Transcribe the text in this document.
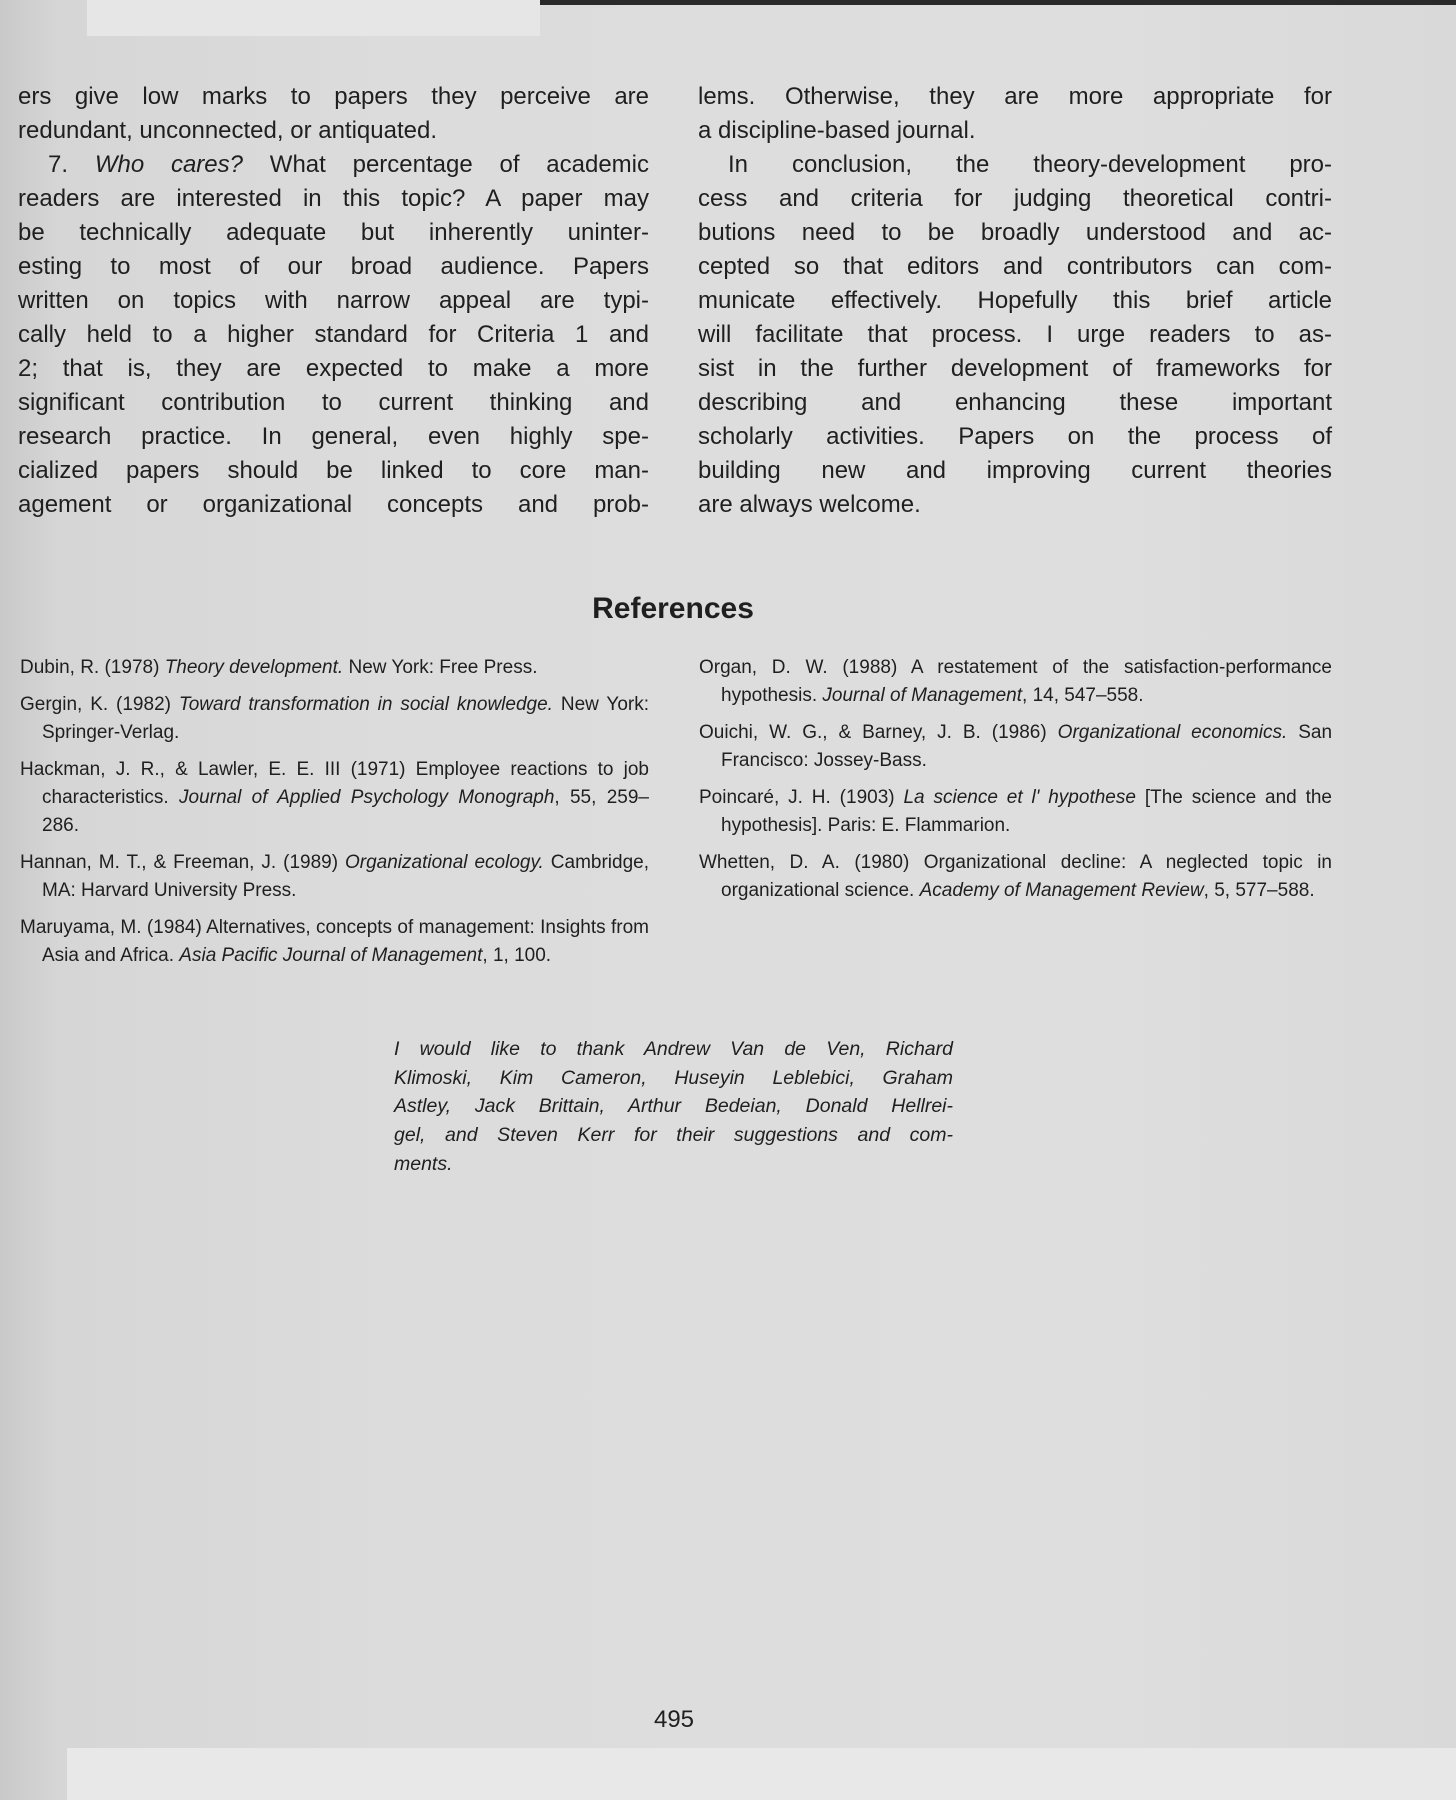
ers give low marks to papers they perceive are
redundant, unconnected, or antiquated.
7. Who cares? What percentage of academic
readers are interested in this topic? A paper may
be technically adequate but inherently uninter-
esting to most of our broad audience. Papers
written on topics with narrow appeal are typi-
cally held to a higher standard for Criteria 1 and
2; that is, they are expected to make a more
significant contribution to current thinking and
research practice. In general, even highly spe-
cialized papers should be linked to core man-
agement or organizational concepts and prob-
lems. Otherwise, they are more appropriate for
a discipline-based journal.
In conclusion, the theory-development pro-
cess and criteria for judging theoretical contri-
butions need to be broadly understood and ac-
cepted so that editors and contributors can com-
municate effectively. Hopefully this brief article
will facilitate that process. I urge readers to as-
sist in the further development of frameworks for
describing and enhancing these important
scholarly activities. Papers on the process of
building new and improving current theories
are always welcome.
References
Dubin, R. (1978) Theory development. New York: Free Press.
Gergin, K. (1982) Toward transformation in social knowledge. New York: Springer-Verlag.
Hackman, J. R., & Lawler, E. E. III (1971) Employee reactions to job characteristics. Journal of Applied Psychology Monograph, 55, 259–286.
Hannan, M. T., & Freeman, J. (1989) Organizational ecology. Cambridge, MA: Harvard University Press.
Maruyama, M. (1984) Alternatives, concepts of management: Insights from Asia and Africa. Asia Pacific Journal of Management, 1, 100.
Organ, D. W. (1988) A restatement of the satisfaction-performance hypothesis. Journal of Management, 14, 547–558.
Ouichi, W. G., & Barney, J. B. (1986) Organizational economics. San Francisco: Jossey-Bass.
Poincaré, J. H. (1903) La science et l' hypothese [The science and the hypothesis]. Paris: E. Flammarion.
Whetten, D. A. (1980) Organizational decline: A neglected topic in organizational science. Academy of Management Review, 5, 577–588.
I would like to thank Andrew Van de Ven, Richard
Klimoski, Kim Cameron, Huseyin Leblebici, Graham
Astley, Jack Brittain, Arthur Bedeian, Donald Hellrei-
gel, and Steven Kerr for their suggestions and com-
ments.
495
